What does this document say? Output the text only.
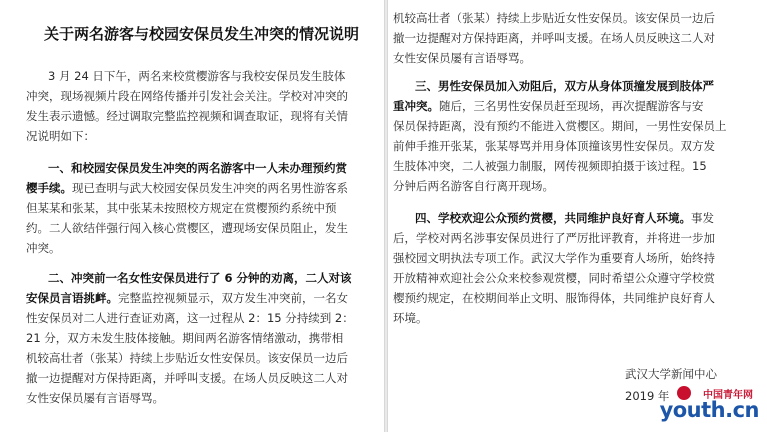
关于两名游客与校园安保员发生冲突的情况说明
3 月 24 日下午，两名来校赏樱游客与我校安保员发生肢体
冲突，现场视频片段在网络传播并引发社会关注。学校对冲突的
发生表示遗憾。经过调取完整监控视频和调查取证，现将有关情
况说明如下：
一、和校园安保员发生冲突的两名游客中一人未办理预约赏
樱手续。现已查明与武大校园安保员发生冲突的两名男性游客系
但某某和张某，其中张某未按照校方规定在赏樱预约系统中预
约。二人欲结伴强行闯入核心赏樱区，遭现场安保员阻止，发生
冲突。
二、冲突前一名女性安保员进行了 6 分钟的劝离，二人对该
安保员言语挑衅。完整监控视频显示，双方发生冲突前，一名女
性安保员对二人进行查证劝离，这一过程从 2：15 分持续到 2：
21 分，双方未发生肢体接触。期间两名游客情绪激动，携带相
机较高壮者（张某）持续上步贴近女性安保员。该安保员一边后
撤一边提醒对方保持距离，并呼叫支援。在场人员反映这二人对
女性安保员屡有言语辱骂。
机较高壮者（张某）持续上步贴近女性安保员。该安保员一边后
撤一边提醒对方保持距离，并呼叫支援。在场人员反映这二人对
女性安保员屡有言语辱骂。
三、男性安保员加入劝阻后，双方从身体顶撞发展到肢体严
重冲突。随后，三名男性安保员赶至现场，再次提醒游客与安
保员保持距离，没有预约不能进入赏樱区。期间，一男性安保员上
前伸手推开张某，张某辱骂并用身体顶撞该男性安保员。双方发
生肢体冲突，二人被强力制服，网传视频即拍摄于该过程。15
分钟后两名游客自行离开现场。
四、学校欢迎公众预约赏樱，共同维护良好育人环境。事发
后，学校对两名涉事安保员进行了严厉批评教育，并将进一步加
强校园文明执法专项工作。武汉大学作为重要育人场所，始终持
开放精神欢迎社会公众来校参观赏樱，同时希望公众遵守学校赏
樱预约规定，在校期间举止文明、服饰得体，共同维护良好育人
环境。
武汉大学新闻中心
2019 年	中国青年网
youth.cn
